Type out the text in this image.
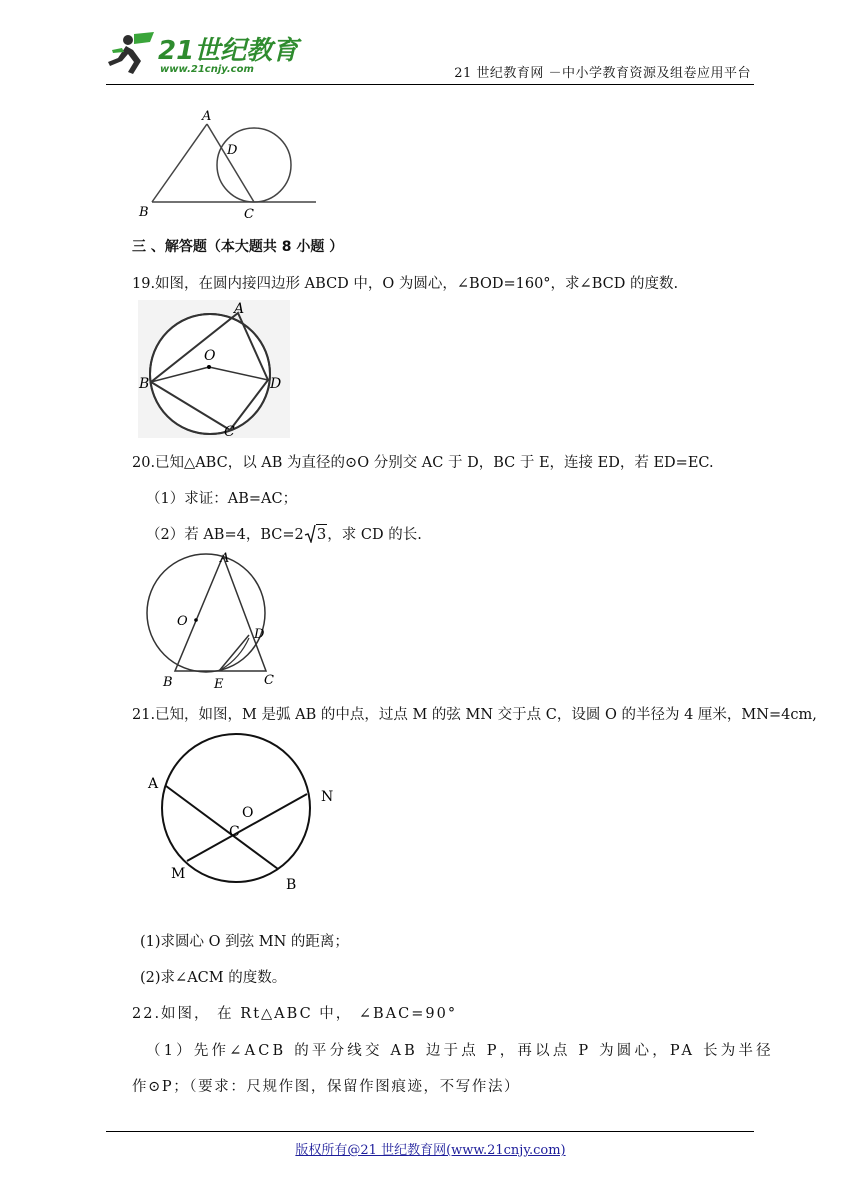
21世纪教育
www.21cnjy.com	21 世纪教育网 －中小学教育资源及组卷应用平台
A
D
B	C
三 、解答题（本大题共 8 小题 ）
19.如图，在圆内接四边形 ABCD 中，O 为圆心，∠BOD=160°，求∠BCD 的度数.
A
O
B	D
C
20.已知△ABC，以 AB 为直径的⊙O 分别交 AC 于 D，BC 于 E，连接 ED，若 ED=EC.
（1）求证：AB=AC；
（2）若 AB=4，BC=2 3，求 CD 的长.
A
O
D
B	E	C
21.已知，如图，M 是弧 AB 的中点，过点 M 的弦 MN 交于点 C，设圆 O 的半径为 4 厘米，MN=4cm,
A
N
O
C
M
B
(1)求圆心 O 到弦 MN 的距离；
(2)求∠ACM 的度数。
22.如图， 在 Rt△ABC 中， ∠BAC=90°
（1）先作∠ACB 的平分线交 AB 边于点 P，再以点 P 为圆心，PA 长为半径
作⊙P；（要求：尺规作图，保留作图痕迹，不写作法）
版权所有@21 世纪教育网(www.21cnjy.com)
